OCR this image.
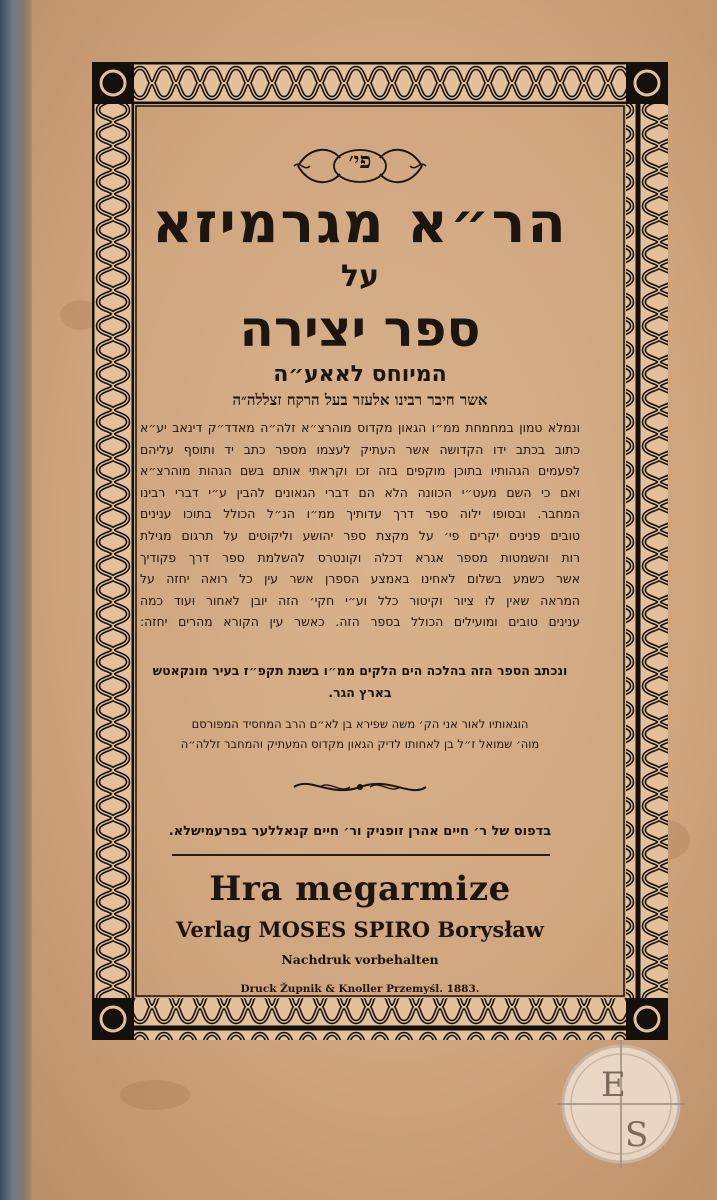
פי׳
הר״א מגרמיזא
על
ספר יצירה
המיוחס לאאע״ה
אשר חיבר רבינו אלעזר בעל הרקח זצללה״ה
ונמלא טמון במחמחת ממ״ו הגאון מקדוס מוהרצ״א זלה״ה מאדד״ק דינאב יע״א
כתוב בכתב ידו הקדושה אשר העתיק לעצמו מספר כתב יד ותוסף עליהם
לפעמים הגהותיו בתוכן מוקפים בזה זכו וקראתי אותם בשם הגהות מוהרצ״א
ואם כי השם מעט״י הכוונה הלא הם דברי הגאונים להבין ע״י דברי רבינו
המחבר. ובסופו ילוה ספר דרך עדותיך ממ״ו הנ״ל הכולל בתוכו ענינים
טובים פנינים יקרים פי׳ על מקצת ספר יהושע וליקוטים על תרגום מגילת
רות והשמטות מספר אגרא דכלה וקונטרס להשלמת ספר דרך פקודיך
אשר כשמע בשלום לאחינו באמצע הספרן אשר עין כל רואה יחזה על
המראה שאין לו ציור וקיטור כלל וע״י חקי׳ הזה יובן לאחור ועוד כמה
ענינים טובים ומועילים הכולל בספר הזה. כאשר עין הקורא מהרים יחזה:
ונכתב הספר הזה בהלכה הים הלקים ממ״ו בשנת תקפ״ז בעיר מונקאטש
בארץ הגר.
הוגאותיו לאור אני הק׳ משה שפירא בן לא״ם הרב המחסיד המפורסם
מוה׳ שמואל ז״ל בן לאחותו לדיק הגאון מקדוס המעתיק והמחבר זללה״ה
בדפוס של ר׳ חיים אהרן זופניק ור׳ חיים קנאללער בפרעמישלא.
Hra megarmize
Verlag MOSES SPIRO Borysław
Nachdruk vorbehalten
Druck Župnik & Knoller Przemyśl. 1883.
E
S
